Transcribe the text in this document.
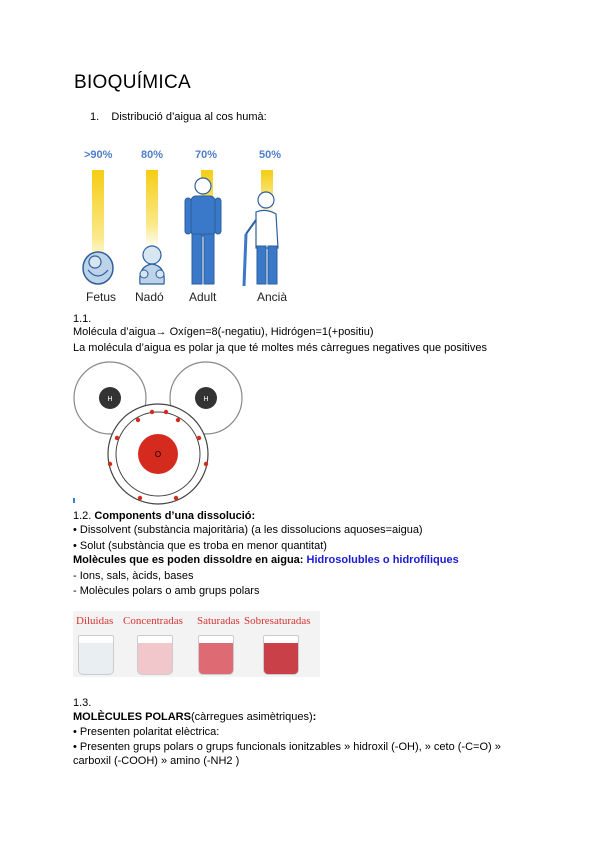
BIOQUÍMICA
1. Distribució d’aigua al cos humà:
>90%	80%	70%	50%
Fetus Nadó Adult	Ancià
1.1.
Molécula d’aigua→ Oxígen=8(-negatiu), Hidrógen=1(+positiu)
La molécula d’aigua es polar ja que té moltes més càrregues negatives que positives
H	H
O
1.2. Components d’una dissolució:
• Dissolvent (substància majoritària) (a les dissolucions aquoses=aigua)
• Solut (substància que es troba en menor quantitat)
Molècules que es poden dissoldre en aigua: Hidrosolubles o hidrofíliques
- Ions, sals, àcids, bases
- Molècules polars o amb grups polars
Diluidas Concentradas Saturadas Sobresaturadas
1.3.
MOLÈCULES POLARS(càrregues asimètriques):
• Presenten polaritat elèctrica:
• Presenten grups polars o grups funcionals ionitzables » hidroxil (-OH), » ceto (-C=O) »
carboxil (-COOH) » amino (-NH2 )
